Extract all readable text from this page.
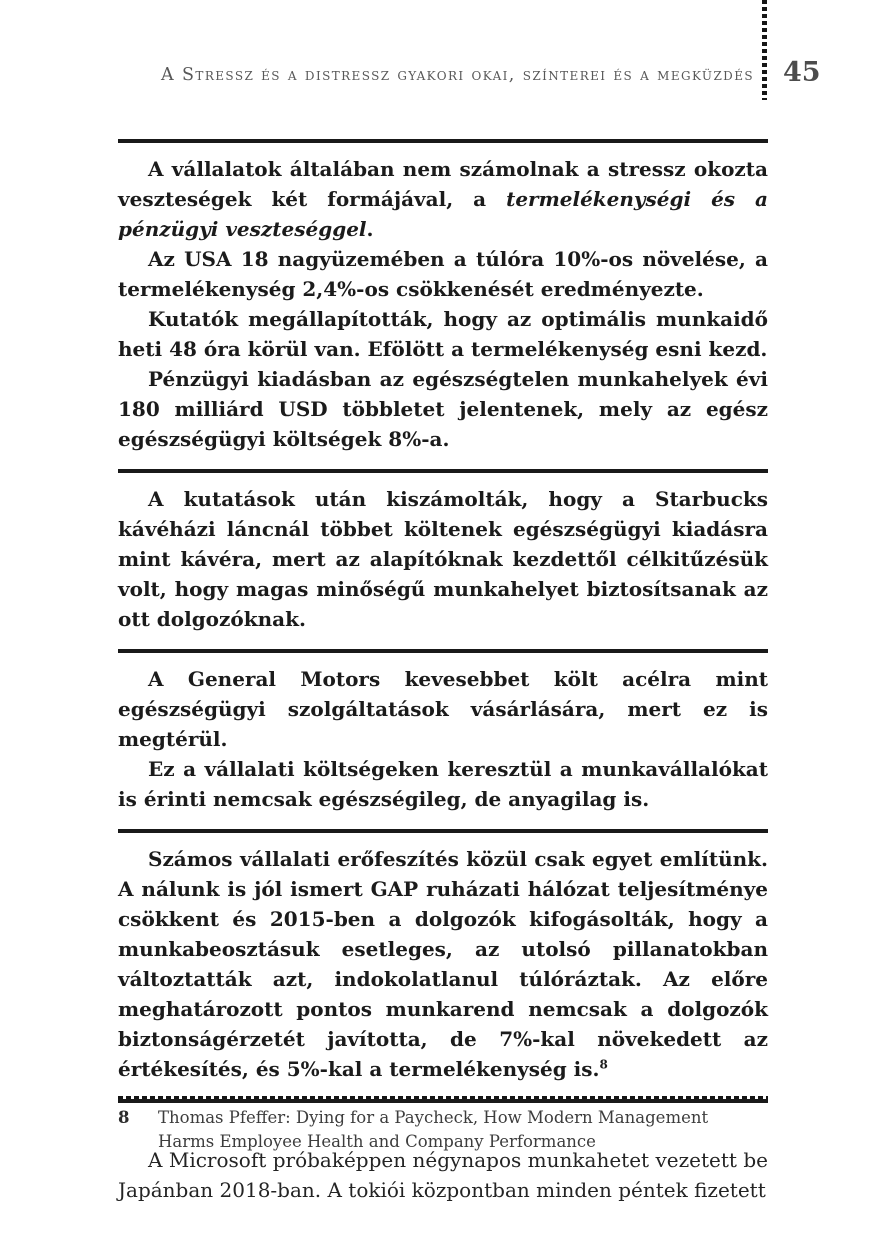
A Stressz és a distressz gyakori okai, színterei és a megküzdés 45

A vállalatok általában nem számolnak a stressz okozta veszteségek két formájával, a termelékenységi és a pénzügyi veszteséggel.

Az USA 18 nagyüzemében a túlóra 10%-os növelése, a termelékenység 2,4%-os csökkenését eredményezte.

Kutatók megállapították, hogy az optimális munkaidő heti 48 óra körül van. Efölött a termelékenység esni kezd.

Pénzügyi kiadásban az egészségtelen munkahelyek évi 180 milliárd USD többletet jelentenek, mely az egész egészségügyi költségek 8%-a.

A kutatások után kiszámolták, hogy a Starbucks kávéházi láncnál többet költenek egészségügyi kiadásra mint kávéra, mert az alapítóknak kezdettől célkitűzésük volt, hogy magas minőségű munkahelyet biztosítsanak az ott dolgozóknak.

A General Motors kevesebbet költ acélra mint egészségügyi szolgáltatások vásárlására, mert ez is megtérül.

Ez a vállalati költségeken keresztül a munkavállalókat is érinti nemcsak egészségileg, de anyagilag is.

Számos vállalati erőfeszítés közül csak egyet említünk. A nálunk is jól ismert GAP ruházati hálózat teljesítménye csökkent és 2015-ben a dolgozók kifogásolták, hogy a munkabeosztásuk esetleges, az utolsó pillanatokban változtatták azt, indokolatlanul túlóráztak. Az előre meghatározott pontos munkarend nemcsak a dolgozók biztonságérzetét javította, de 7%-kal növekedett az értékesítés, és 5%-kal a termelékenység is.$^8$

A Microsoft próbaképpen négynapos munkahetet vezetett be Japánban 2018-ban. A tokiói központban minden péntek fizetett

8	Thomas Pfeffer: Dying for a Paycheck, How Modern Management Harms Employee Health and Company Performance
